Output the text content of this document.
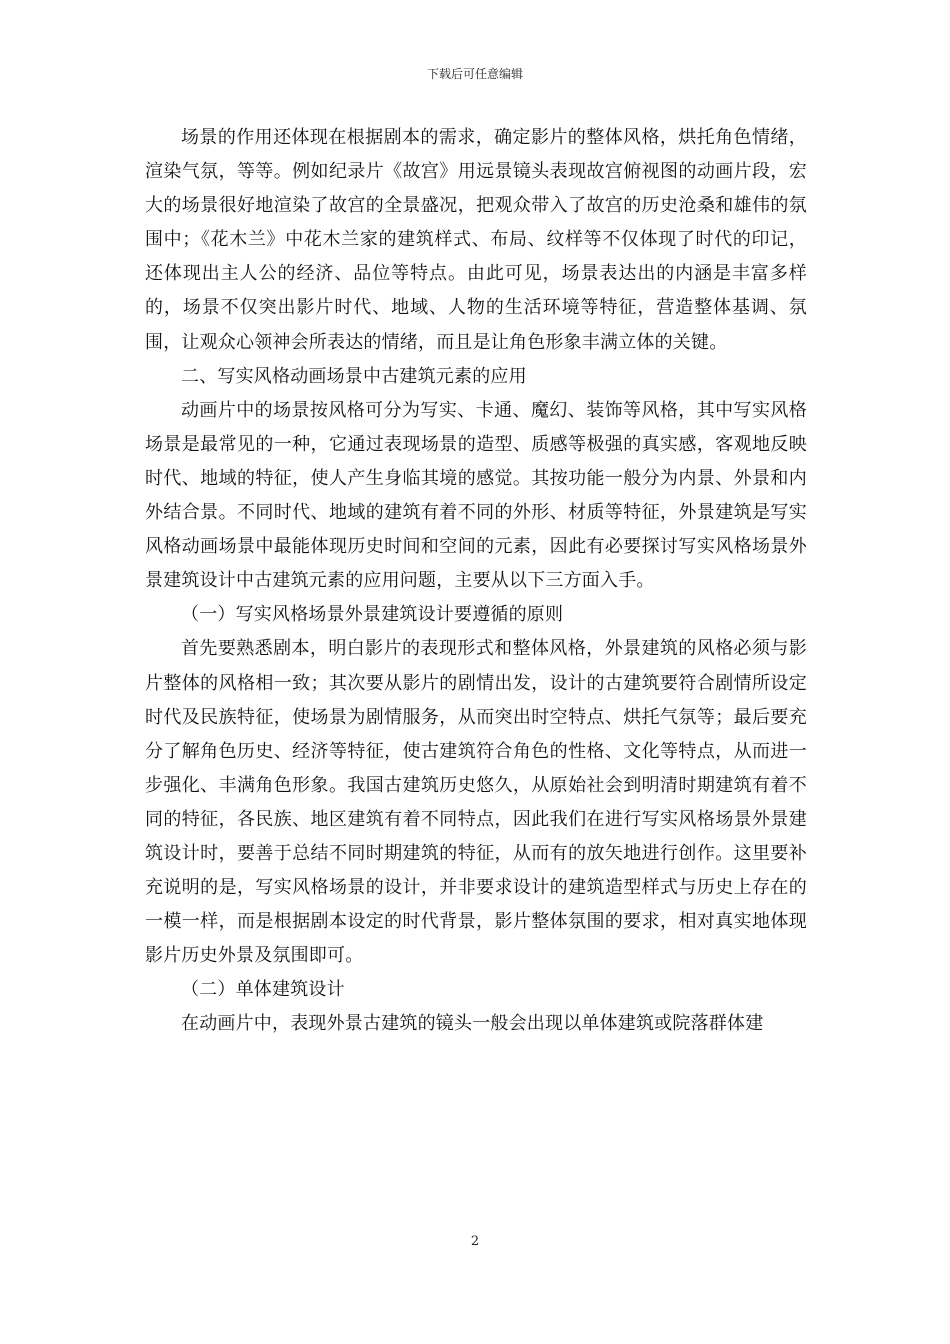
下载后可任意编辑

场景的作用还体现在根据剧本的需求，确定影片的整体风格，烘托角色情绪，渲染气氛，等等。例如纪录片《故宫》用远景镜头表现故宫俯视图的动画片段，宏大的场景很好地渲染了故宫的全景盛况，把观众带入了故宫的历史沧桑和雄伟的氛围中；《花木兰》中花木兰家的建筑样式、布局、纹样等不仅体现了时代的印记，还体现出主人公的经济、品位等特点。由此可见，场景表达出的内涵是丰富多样的，场景不仅突出影片时代、地域、人物的生活环境等特征，营造整体基调、氛围，让观众心领神会所表达的情绪，而且是让角色形象丰满立体的关键。

二、写实风格动画场景中古建筑元素的应用

动画片中的场景按风格可分为写实、卡通、魔幻、装饰等风格，其中写实风格场景是最常见的一种，它通过表现场景的造型、质感等极强的真实感，客观地反映时代、地域的特征，使人产生身临其境的感觉。其按功能一般分为内景、外景和内外结合景。不同时代、地域的建筑有着不同的外形、材质等特征，外景建筑是写实风格动画场景中最能体现历史时间和空间的元素，因此有必要探讨写实风格场景外景建筑设计中古建筑元素的应用问题，主要从以下三方面入手。

（一）写实风格场景外景建筑设计要遵循的原则

首先要熟悉剧本，明白影片的表现形式和整体风格，外景建筑的风格必须与影片整体的风格相一致；其次要从影片的剧情出发，设计的古建筑要符合剧情所设定时代及民族特征，使场景为剧情服务，从而突出时空特点、烘托气氛等；最后要充分了解角色历史、经济等特征，使古建筑符合角色的性格、文化等特点，从而进一步强化、丰满角色形象。我国古建筑历史悠久，从原始社会到明清时期建筑有着不同的特征，各民族、地区建筑有着不同特点，因此我们在进行写实风格场景外景建筑设计时，要善于总结不同时期建筑的特征，从而有的放矢地进行创作。这里要补充说明的是，写实风格场景的设计，并非要求设计的建筑造型样式与历史上存在的一模一样，而是根据剧本设定的时代背景，影片整体氛围的要求，相对真实地体现影片历史外景及氛围即可。

（二）单体建筑设计

在动画片中，表现外景古建筑的镜头一般会出现以单体建筑或院落群体建

2
